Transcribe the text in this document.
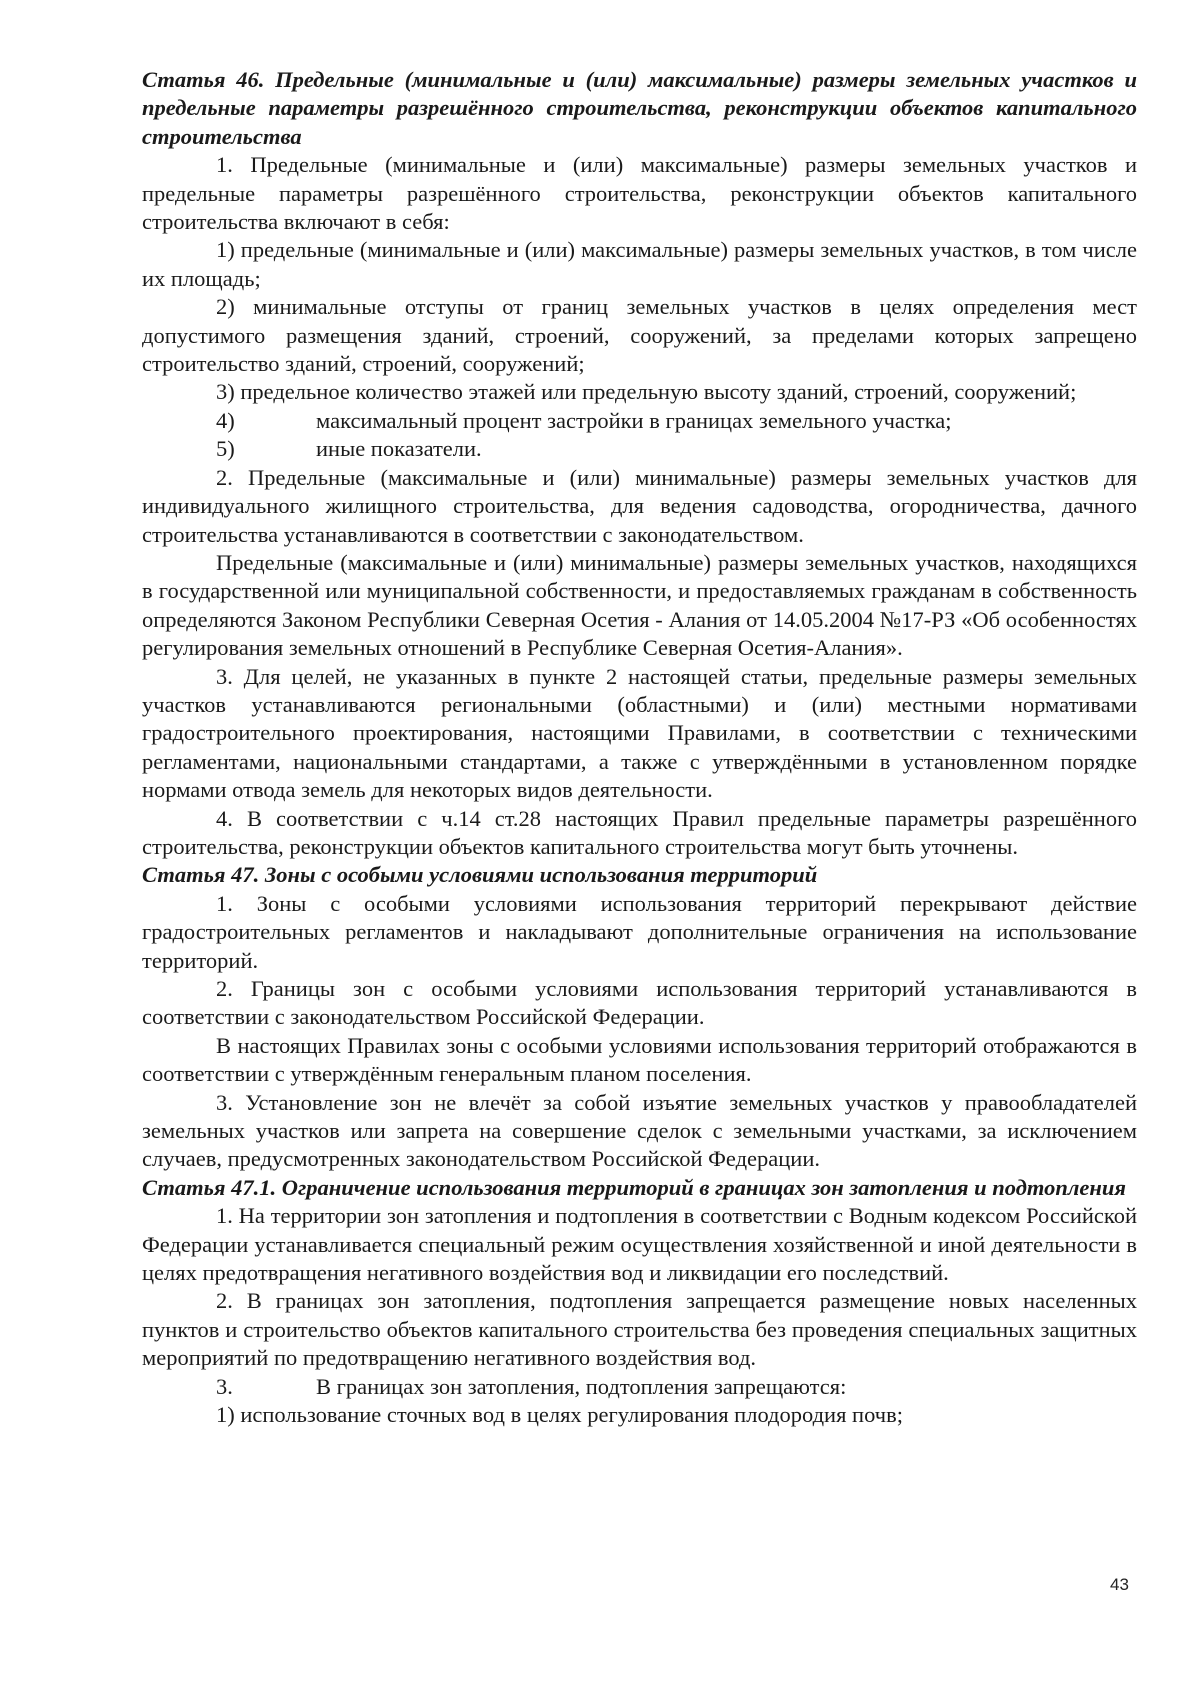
Статья 46. Предельные (минимальные и (или) максимальные) размеры земельных участков и предельные параметры разрешённого строительства, реконструкции объектов капитального строительства

1. Предельные (минимальные и (или) максимальные) размеры земельных участков и предельные параметры разрешённого строительства, реконструкции объектов капитального строительства включают в себя:

1) предельные (минимальные и (или) максимальные) размеры земельных участков, в том числе их площадь;

2) минимальные отступы от границ земельных участков в целях определения мест допустимого размещения зданий, строений, сооружений, за пределами которых запрещено строительство зданий, строений, сооружений;

3) предельное количество этажей или предельную высоту зданий, строений, сооружений;

4)	максимальный процент застройки в границах земельного участка;
5)	иные показатели.

2. Предельные (максимальные и (или) минимальные) размеры земельных участков для индивидуального жилищного строительства, для ведения садоводства, огородничества, дачного строительства устанавливаются в соответствии с законодательством.

Предельные (максимальные и (или) минимальные) размеры земельных участков, находящихся в государственной или муниципальной собственности, и предоставляемых гражданам в собственность определяются Законом Республики Северная Осетия - Алания от 14.05.2004 №17-РЗ «Об особенностях регулирования земельных отношений в Республике Северная Осетия-Алания».

3. Для целей, не указанных в пункте 2 настоящей статьи, предельные размеры земельных участков устанавливаются региональными (областными) и (или) местными нормативами градостроительного проектирования, настоящими Правилами, в соответствии с техническими регламентами, национальными стандартами, а также с утверждёнными в установленном порядке нормами отвода земель для некоторых видов деятельности.

4. В соответствии с ч.14 ст.28 настоящих Правил предельные параметры разрешённого строительства, реконструкции объектов капитального строительства могут быть уточнены.

Статья 47. Зоны с особыми условиями использования территорий

1. Зоны с особыми условиями использования территорий перекрывают действие градостроительных регламентов и накладывают дополнительные ограничения на использование территорий.

2. Границы зон с особыми условиями использования территорий устанавливаются в соответствии с законодательством Российской Федерации.

В настоящих Правилах зоны с особыми условиями использования территорий отображаются в соответствии с утверждённым генеральным планом поселения.

3. Установление зон не влечёт за собой изъятие земельных участков у правообладателей земельных участков или запрета на совершение сделок с земельными участками, за исключением случаев, предусмотренных законодательством Российской Федерации.

Статья 47.1. Ограничение использования территорий в границах зон затопления и подтопления

1. На территории зон затопления и подтопления в соответствии с Водным кодексом Российской Федерации устанавливается специальный режим осуществления хозяйственной и иной деятельности в целях предотвращения негативного воздействия вод и ликвидации его последствий.

2. В границах зон затопления, подтопления запрещается размещение новых населенных пунктов и строительство объектов капитального строительства без проведения специальных защитных мероприятий по предотвращению негативного воздействия вод.

3.	В границах зон затопления, подтопления запрещаются:

1) использование сточных вод в целях регулирования плодородия почв;

43
